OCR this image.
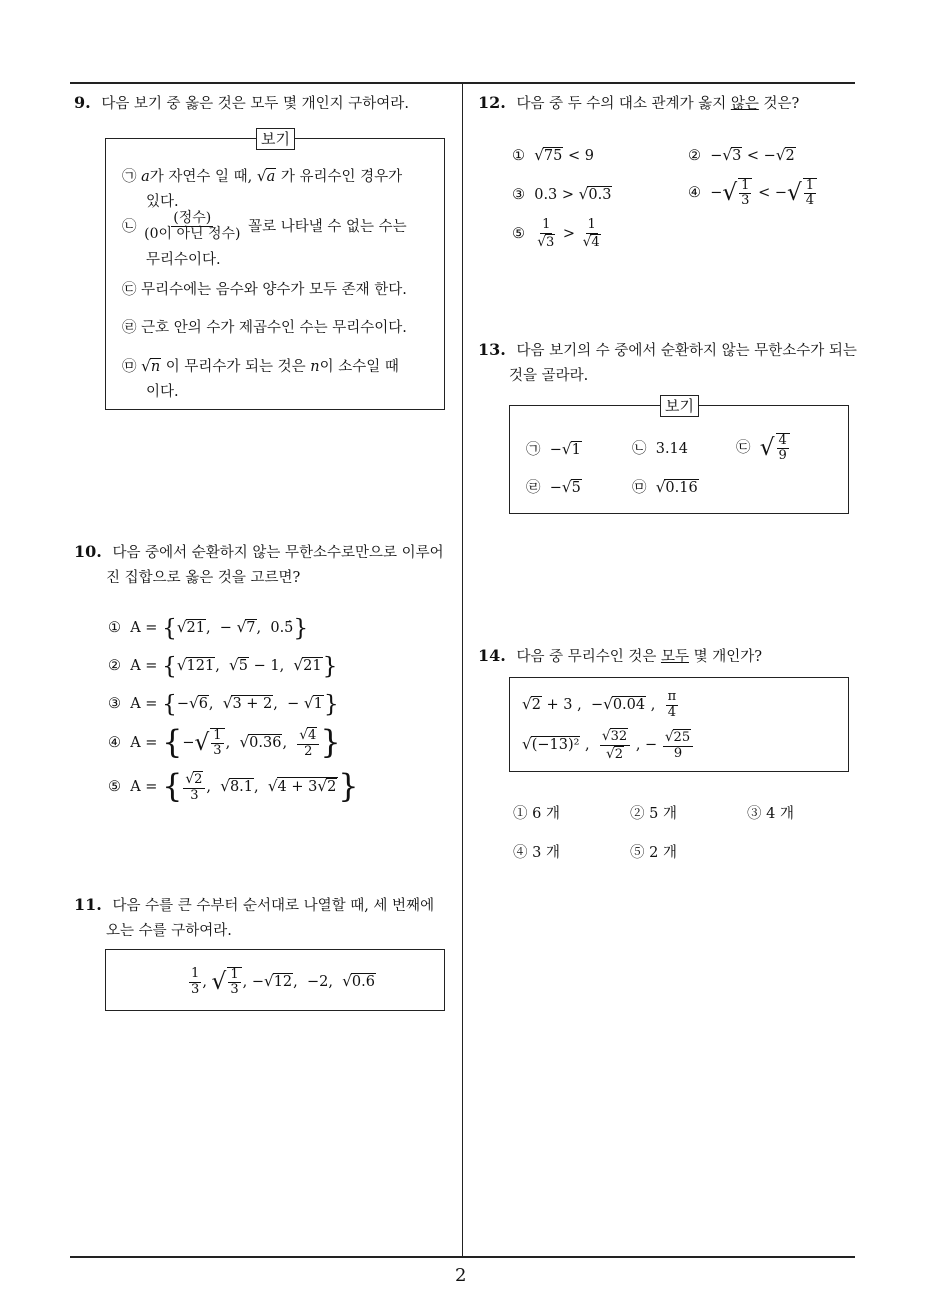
9. 다음 보기 중 옳은 것은 모두 몇 개인지 구하여라.
보기
㉠ a가 자연수 일 때, √a 가 유리수인 경우가
있다.
㉡
(정수)
(0이 아닌 정수) 꼴로 나타낼 수 없는 수는
무리수이다.
㉢ 무리수에는 음수와 양수가 모두 존재 한다.
㉣ 근호 안의 수가 제곱수인 수는 무리수이다.
㉤ √n 이 무리수가 되는 것은 n이 소수일 때
이다.
10. 다음 중에서 순환하지 않는 무한소수로만으로 이루어
진 집합으로 옳은 것을 고르면?
①  A = {√21,  − √7,  0.5̇}
②  A = {√121,  √5 − 1,  √21}
③  A = {−√6,  √3 + 2,  − √1}
④  A = {−√ $\frac{1}{3}$ ,  √0.36, $\frac{√4}{2}$ }
⑤  A = { $\frac{√2}{3}$ ,  √8.1,  √4 + 3√2}
11. 다음 수를 큰 수부터 순서대로 나열할 때, 세 번째에
오는 수를 구하여라.
$\frac{1}{3}$ , √ $\frac{1}{3}$ , −√12,  −2,  √0.6
12. 다음 중 두 수의 대소 관계가 옳지 않은 것은?
① √75 < 9	②  −√3 < −√2
③  0.3 > √0.3	④  −√ $\frac{1}{3}$ < −√ $\frac{1}{4}$
⑤ $\frac{1}{√3} > \frac{1}{√4}$
13. 다음 보기의 수 중에서 순환하지 않는 무한소수가 되는
것을 골라라.
보기
㉠  −√1	㉡  3.14	㉢ √ $\frac{4}{9}$
㉣  −√5	㉤ √0.16
14. 다음 중 무리수인 것은 모두 몇 개인가?
√2 + 3 ,  −√0.04 , $\frac{\pi}{4}$
√(−13)² , $\frac{√32}{√2}$ , − $\frac{√25}{9}$
① 6 개	② 5 개	③ 4 개
④ 3 개	⑤ 2 개
2
